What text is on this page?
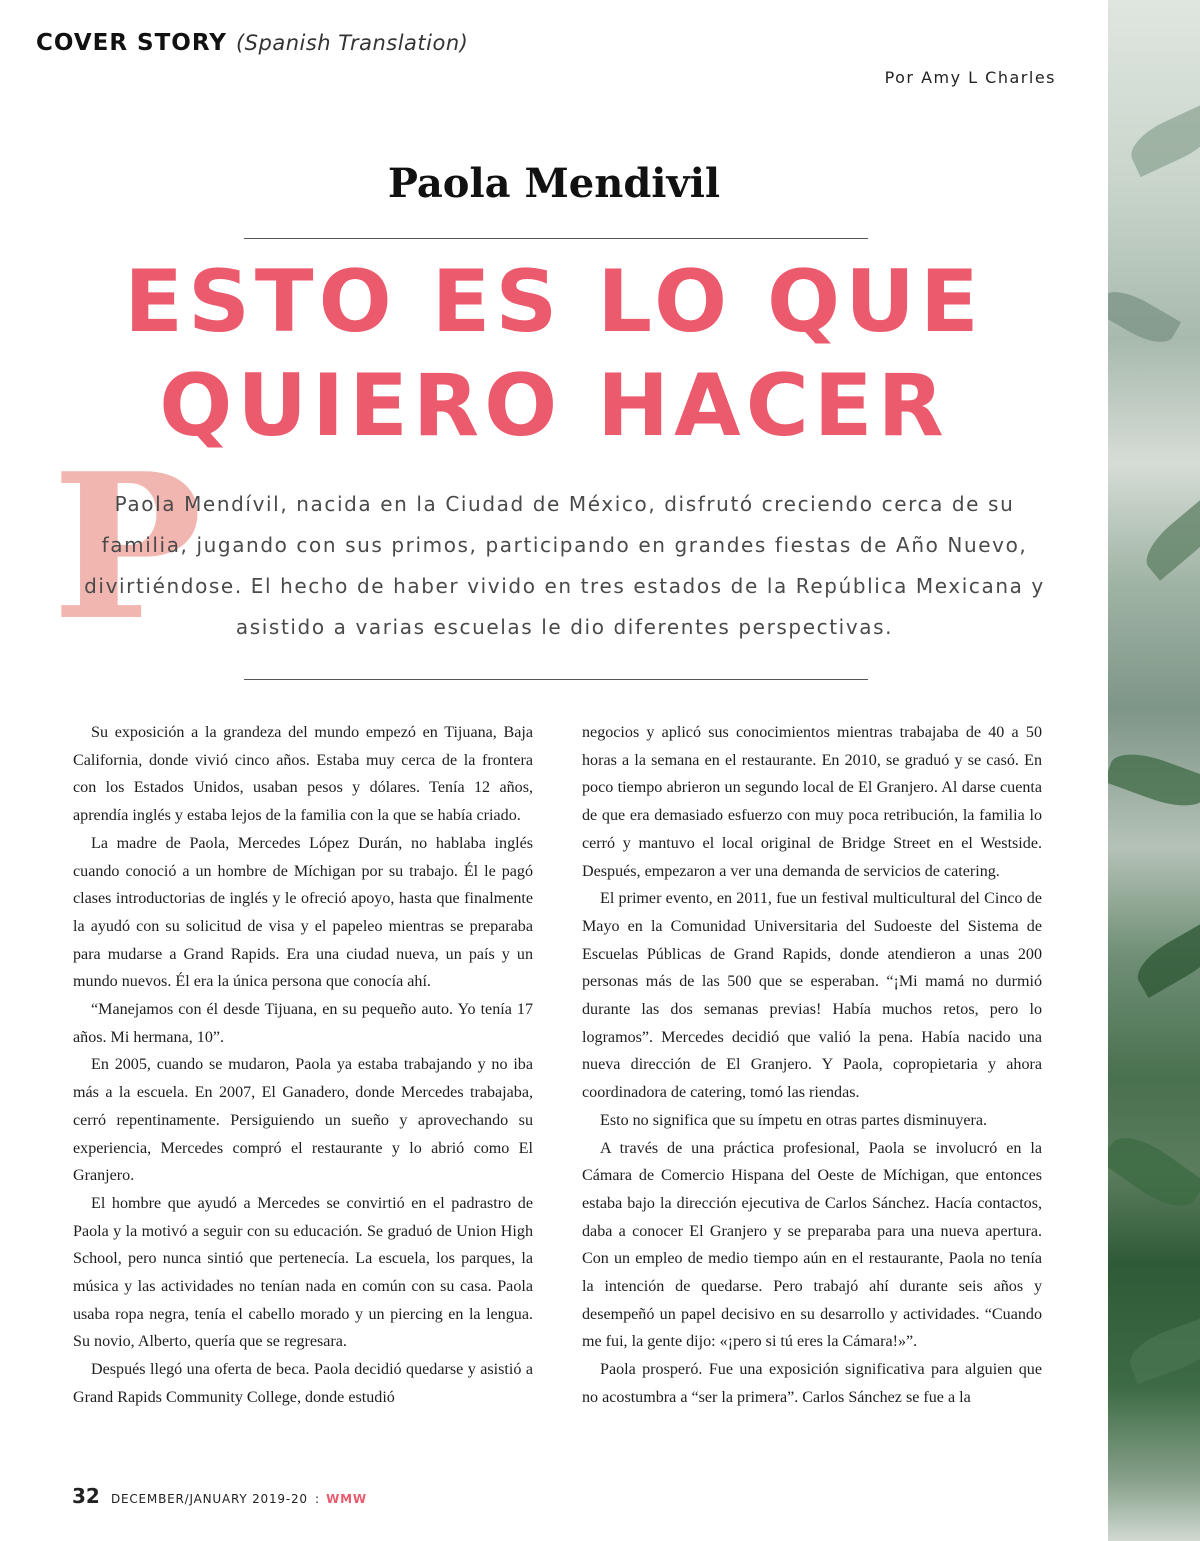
COVER STORY (Spanish Translation)
Por Amy L Charles
Paola Mendivil
ESTO ES LO QUE QUIERO HACER
P
Paola Mendívil, nacida en la Ciudad de México, disfrutó creciendo cerca de su familia, jugando con sus primos, participando en grandes fiestas de Año Nuevo, divirtiéndose. El hecho de haber vivido en tres estados de la República Mexicana y asistido a varias escuelas le dio diferentes perspectivas.

Su exposición a la grandeza del mundo empezó en Tijuana, Baja California, donde vivió cinco años. Estaba muy cerca de la frontera con los Estados Unidos, usaban pesos y dólares. Tenía 12 años, aprendía inglés y estaba lejos de la familia con la que se había criado.

La madre de Paola, Mercedes López Durán, no hablaba inglés cuando conoció a un hombre de Míchigan por su trabajo. Él le pagó clases introductorias de inglés y le ofreció apoyo, hasta que finalmente la ayudó con su solicitud de visa y el papeleo mientras se preparaba para mudarse a Grand Rapids. Era una ciudad nueva, un país y un mundo nuevos. Él era la única persona que conocía ahí.

“Manejamos con él desde Tijuana, en su pequeño auto. Yo tenía 17 años. Mi hermana, 10”.

En 2005, cuando se mudaron, Paola ya estaba trabajando y no iba más a la escuela. En 2007, El Ganadero, donde Mercedes trabajaba, cerró repentinamente. Persiguiendo un sueño y aprovechando su experiencia, Mercedes compró el restaurante y lo abrió como El Granjero.

El hombre que ayudó a Mercedes se convirtió en el padrastro de Paola y la motivó a seguir con su educación. Se graduó de Union High School, pero nunca sintió que pertenecía. La escuela, los parques, la música y las actividades no tenían nada en común con su casa. Paola usaba ropa negra, tenía el cabello morado y un piercing en la lengua. Su novio, Alberto, quería que se regresara.

Después llegó una oferta de beca. Paola decidió quedarse y asistió a Grand Rapids Community College, donde estudió

negocios y aplicó sus conocimientos mientras trabajaba de 40 a 50 horas a la semana en el restaurante. En 2010, se graduó y se casó. En poco tiempo abrieron un segundo local de El Granjero. Al darse cuenta de que era demasiado esfuerzo con muy poca retribución, la familia lo cerró y mantuvo el local original de Bridge Street en el Westside. Después, empezaron a ver una demanda de servicios de catering.

El primer evento, en 2011, fue un festival multicultural del Cinco de Mayo en la Comunidad Universitaria del Sudoeste del Sistema de Escuelas Públicas de Grand Rapids, donde atendieron a unas 200 personas más de las 500 que se esperaban. “¡Mi mamá no durmió durante las dos semanas previas! Había muchos retos, pero lo logramos”. Mercedes decidió que valió la pena. Había nacido una nueva dirección de El Granjero. Y Paola, copropietaria y ahora coordinadora de catering, tomó las riendas.

Esto no significa que su ímpetu en otras partes disminuyera.

A través de una práctica profesional, Paola se involucró en la Cámara de Comercio Hispana del Oeste de Míchigan, que entonces estaba bajo la dirección ejecutiva de Carlos Sánchez. Hacía contactos, daba a conocer El Granjero y se preparaba para una nueva apertura. Con un empleo de medio tiempo aún en el restaurante, Paola no tenía la intención de quedarse. Pero trabajó ahí durante seis años y desempeñó un papel decisivo en su desarrollo y actividades. “Cuando me fui, la gente dijo: «¡pero si tú eres la Cámara!»”.

Paola prosperó. Fue una exposición significativa para alguien que no acostumbra a “ser la primera”. Carlos Sánchez se fue a la

32 DECEMBER/JANUARY 2019-20 : WMW
